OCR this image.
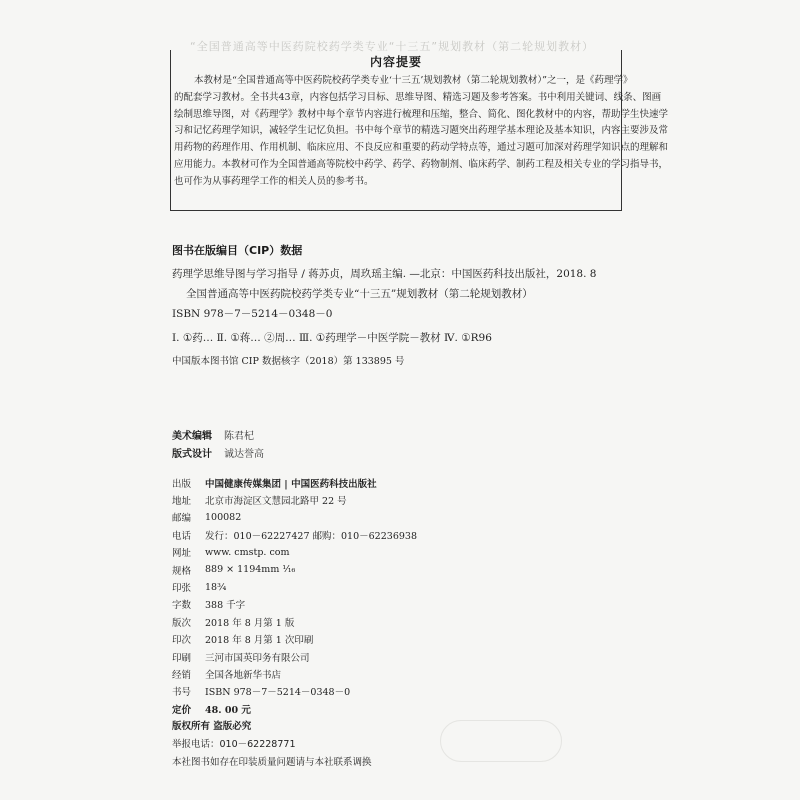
“全国普通高等中医药院校药学类专业“十三五”规划教材（第二轮规划教材）
内容提要
本教材是“全国普通高等中医药院校药学类专业‘十三五’规划教材（第二轮规划教材）”之一，是《药理学》
的配套学习教材。全书共43章，内容包括学习目标、思维导图、精选习题及参考答案。书中利用关键词、线条、图画
绘制思维导图，对《药理学》教材中每个章节内容进行梳理和压缩，整合、简化、图化教材中的内容，帮助学生快速学
习和记忆药理学知识，减轻学生记忆负担。书中每个章节的精选习题突出药理学基本理论及基本知识，内容主要涉及常
用药物的药理作用、作用机制、临床应用、不良反应和重要的药动学特点等，通过习题可加深对药理学知识点的理解和
应用能力。本教材可作为全国普通高等院校中药学、药学、药物制剂、临床药学、制药工程及相关专业的学习指导书，
也可作为从事药理学工作的相关人员的参考书。
图书在版编目（CIP）数据
药理学思维导图与学习指导 / 蒋苏贞，周玖瑶主编. —北京：中国医药科技出版社，2018. 8
全国普通高等中医药院校药学类专业“十三五”规划教材（第二轮规划教材）
ISBN 978－7－5214－0348－0
Ⅰ. ①药… Ⅱ. ①蒋… ②周… Ⅲ. ①药理学－中医学院－教材 Ⅳ. ①R96
中国版本图书馆 CIP 数据核字（2018）第 133895 号
美术编辑	陈君杞
版式设计	诚达誉高
出版	中国健康传媒集团 | 中国医药科技出版社
地址	北京市海淀区文慧园北路甲 22 号
邮编	100082
电话	发行：010－62227427 邮购：010－62236938
网址	www. cmstp. com
规格	889 × 1194mm ¹⁄₁₆
印张	18¾
字数	388 千字
版次	2018 年 8 月第 1 版
印次	2018 年 8 月第 1 次印刷
印刷	三河市国英印务有限公司
经销	全国各地新华书店
书号	ISBN 978－7－5214－0348－0
定价	48. 00 元
版权所有 盗版必究
举报电话：010－62228771
本社图书如存在印装质量问题请与本社联系调换
